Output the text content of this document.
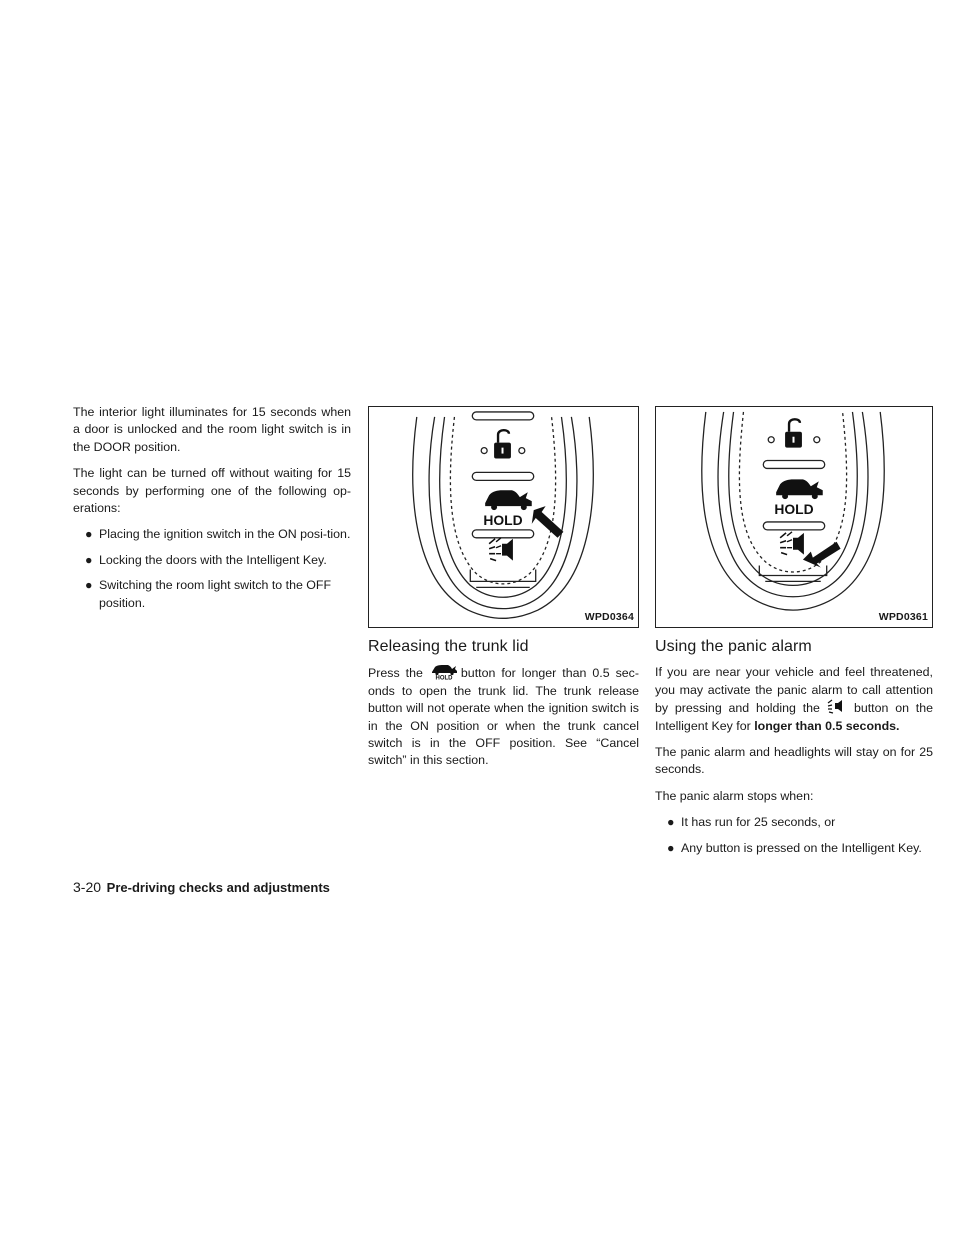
The interior light illuminates for 15 seconds when a door is unlocked and the room light switch is in the DOOR position.

The light can be turned off without waiting for 15 seconds by performing one of the following op-erations:

● Placing the ignition switch in the ON posi-tion.
● Locking the doors with the Intelligent Key.
● Switching the room light switch to the OFF position.
HOLD
WPD0364
Releasing the trunk lid

Press the HOLD button for longer than 0.5 sec-onds to open the trunk lid. The trunk release button will not operate when the ignition switch is in the ON position or when the trunk cancel switch is in the OFF position. See “Cancel switch” in this section.

HOLD
WPD0361
Using the panic alarm

If you are near your vehicle and feel threatened, you may activate the panic alarm to call attention by pressing and holding the	button on the Intelligent Key for longer than 0.5 seconds.

The panic alarm and headlights will stay on for 25 seconds.

The panic alarm stops when:

● It has run for 25 seconds, or
● Any button is pressed on the Intelligent Key.
3-20 Pre-driving checks and adjustments
